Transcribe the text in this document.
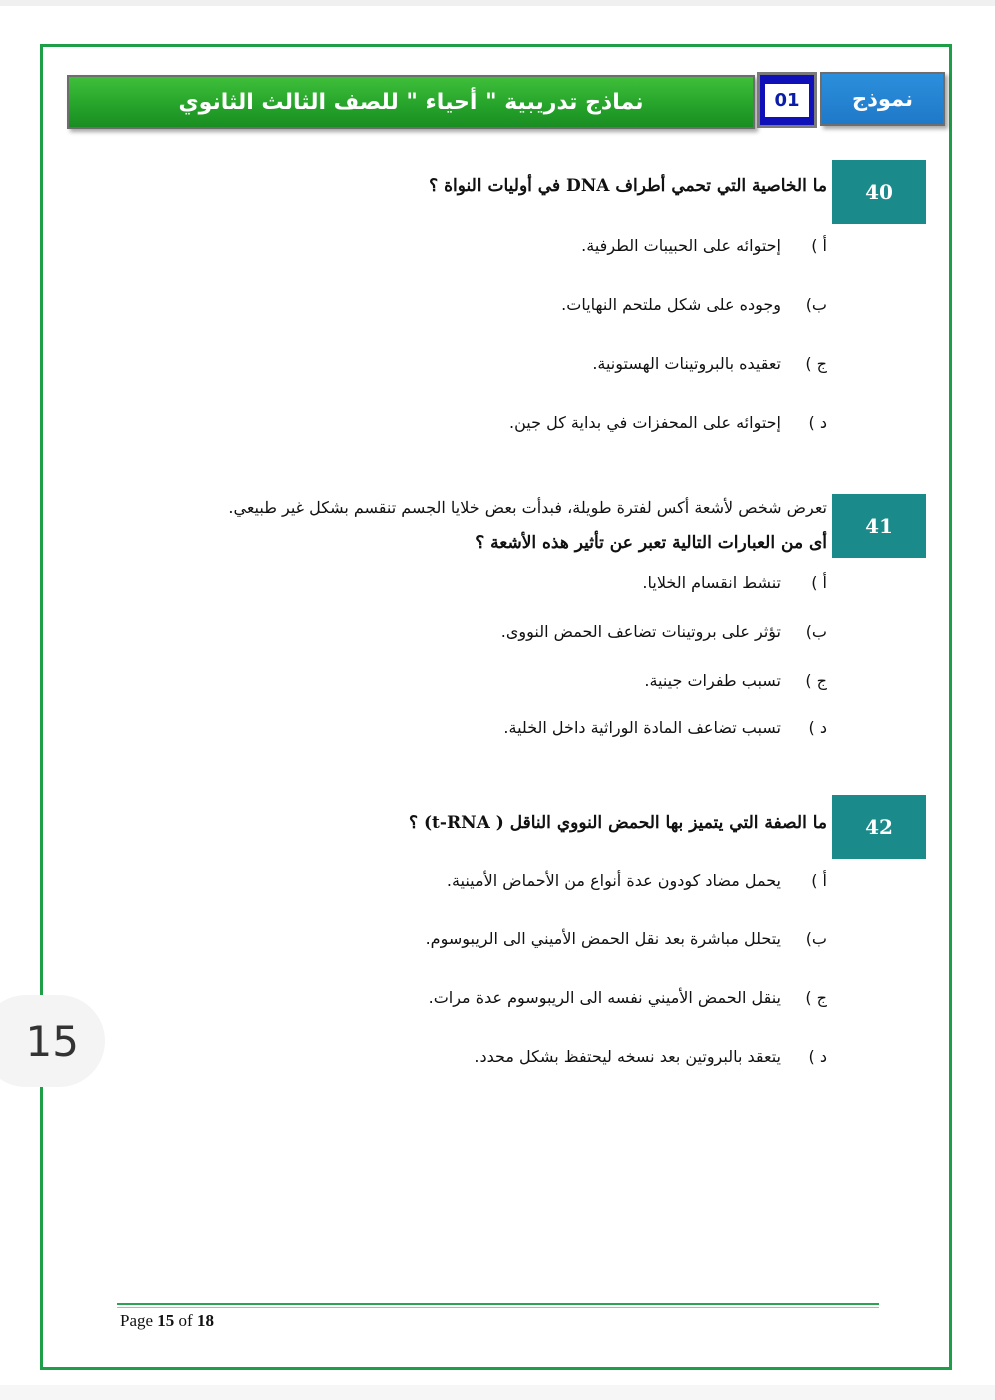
نماذج تدريبية " أحياء " للصف الثالث الثانوي	01	نموذج
40
ما الخاصية التي تحمي أطراف DNA في أوليات النواة ؟
أ )
إحتوائه على الحبيبات الطرفية.
ب)
وجوده على شكل ملتحم النهايات.
ج )
تعقيده بالبروتينات الهستونية.
د )
إحتوائه على المحفزات في بداية كل جين.
41
تعرض شخص لأشعة أكس لفترة طويلة، فبدأت بعض خلايا الجسم تنقسم بشكل غير طبيعي.
أى من العبارات التالية تعبر عن تأثير هذه الأشعة ؟
أ )
تنشط انقسام الخلايا.
ب)
تؤثر على بروتينات تضاعف الحمض النووى.
ج )
تسبب طفرات جينية.
د )
تسبب تضاعف المادة الوراثية داخل الخلية.
42
ما الصفة التي يتميز بها الحمض النووي الناقل ( t-RNA) ؟
أ )
يحمل مضاد كودون عدة أنواع من الأحماض الأمينية.
ب)
يتحلل مباشرة بعد نقل الحمض الأميني الى الريبوسوم.
ج )
ينقل الحمض الأميني نفسه الى الريبوسوم عدة مرات.
د )
يتعقد بالبروتين بعد نسخه ليحتفظ بشكل محدد.
15
Page 15 of 18
